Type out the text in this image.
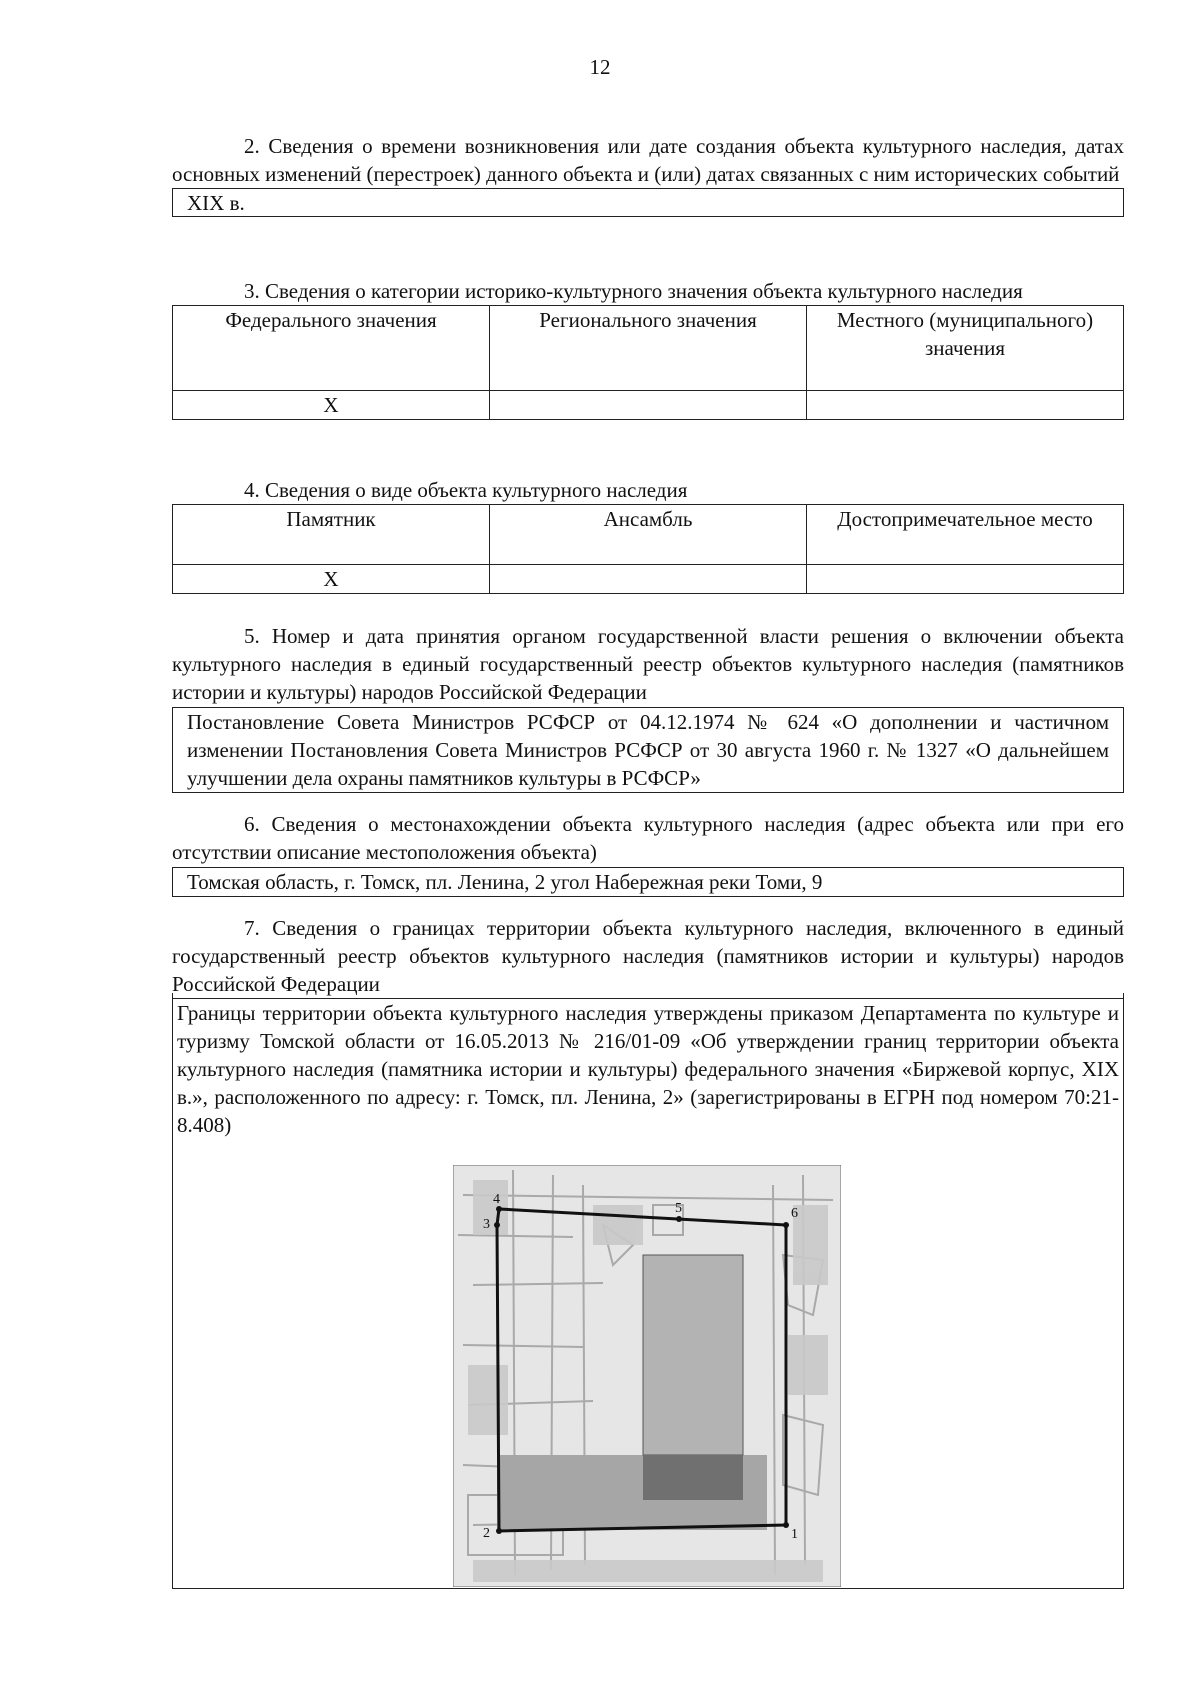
12

2. Сведения о времени возникновения или дате создания объекта культурного наследия, датах основных изменений (перестроек) данного объекта и (или) датах связанных с ним исторических событий

XIX в.

3. Сведения о категории историко-культурного значения объекта культурного наследия

Федерального значения	Регионального значения	Местного (муниципального) значения
X		

4. Сведения о виде объекта культурного наследия

Памятник	Ансамбль	Достопримечательное место
X		

5. Номер и дата принятия органом государственной власти решения о включении объекта культурного наследия в единый государственный реестр объектов культурного наследия (памятников истории и культуры) народов Российской Федерации

Постановление Совета Министров РСФСР от 04.12.1974 № 624 «О дополнении и частичном изменении Постановления Совета Министров РСФСР от 30 августа 1960 г. № 1327 «О дальнейшем улучшении дела охраны памятников культуры в РСФСР»

6. Сведения о местонахождении объекта культурного наследия (адрес объекта или при его отсутствии описание местоположения объекта)

Томская область, г. Томск, пл. Ленина, 2 угол Набережная реки Томи, 9

7. Сведения о границах территории объекта культурного наследия, включенного в единый государственный реестр объектов культурного наследия (памятников истории и культуры) народов Российской Федерации

Границы территории объекта культурного наследия утверждены приказом Департамента по культуре и туризму Томской области от 16.05.2013 № 216/01-09 «Об утверждении границ территории объекта культурного наследия (памятника истории и культуры) федерального значения «Биржевой корпус, XIX в.», расположенного по адресу: г. Томск, пл. Ленина, 2» (зарегистрированы в ЕГРН под номером 70:21-8.408)
1
2
3
4
5	6
